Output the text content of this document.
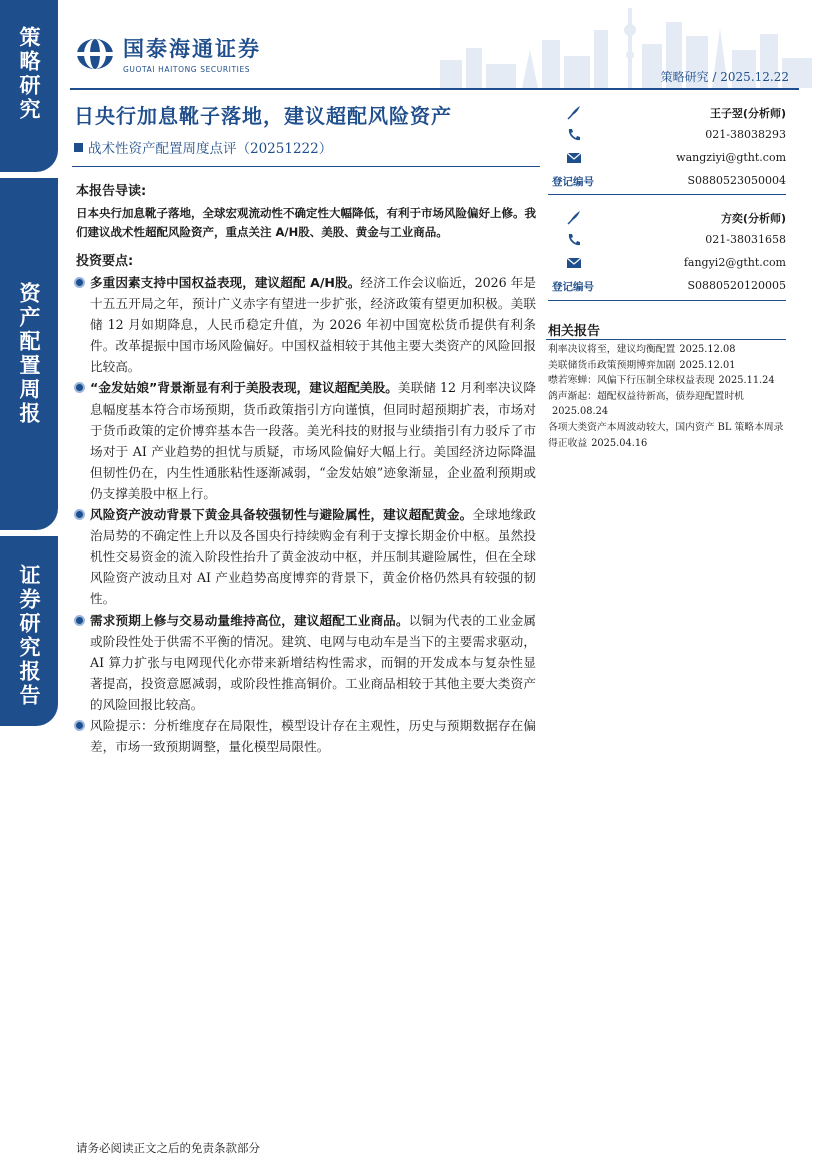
策略研究
资产配置周报
证券研究报告
国泰海通证券
GUOTAI HAITONG SECURITIES
策略研究 / 2025.12.22
日央行加息靴子落地，建议超配风险资产
战术性资产配置周度点评（20251222）
本报告导读:
日本央行加息靴子落地，全球宏观流动性不确定性大幅降低，有利于市场风险偏好上修。我们建议战术性超配风险资产，重点关注 A/H股、美股、黄金与工业商品。
投资要点:
多重因素支持中国权益表现，建议超配 A/H股。经济工作会议临近，2026 年是十五五开局之年，预计广义赤字有望进一步扩张，经济政策有望更加积极。美联储 12 月如期降息，人民币稳定升值，为 2026 年初中国宽松货币提供有利条件。改革提振中国市场风险偏好。中国权益相较于其他主要大类资产的风险回报比较高。
“金发姑娘”背景渐显有利于美股表现，建议超配美股。美联储 12 月利率决议降息幅度基本符合市场预期，货币政策指引方向谨慎，但同时超预期扩表，市场对于货币政策的定价博弈基本告一段落。美光科技的财报与业绩指引有力驳斥了市场对于 AI 产业趋势的担忧与质疑，市场风险偏好大幅上行。美国经济边际降温但韧性仍在，内生性通胀粘性逐渐减弱，“金发姑娘”迹象渐显，企业盈利预期或仍支撑美股中枢上行。
风险资产波动背景下黄金具备较强韧性与避险属性，建议超配黄金。全球地缘政治局势的不确定性上升以及各国央行持续购金有利于支撑长期金价中枢。虽然投机性交易资金的流入阶段性抬升了黄金波动中枢，并压制其避险属性，但在全球风险资产波动且对 AI 产业趋势高度博弈的背景下，黄金价格仍然具有较强的韧性。
需求预期上修与交易动量维持高位，建议超配工业商品。以铜为代表的工业金属或阶段性处于供需不平衡的情况。建筑、电网与电动车是当下的主要需求驱动，AI 算力扩张与电网现代化亦带来新增结构性需求，而铜的开发成本与复杂性显著提高，投资意愿减弱，或阶段性推高铜价。工业商品相较于其他主要大类资产的风险回报比较高。
风险提示：分析维度存在局限性，模型设计存在主观性，历史与预期数据存在偏差，市场一致预期调整，量化模型局限性。
王子翌(分析师)
021-38038293
wangziyi@gtht.com
登记编号	S0880523050004
方奕(分析师)
021-38031658
fangyi2@gtht.com
登记编号	S0880520120005
相关报告
利率决议将至，建议均衡配置 2025.12.08
美联储货币政策预期博弈加剧 2025.12.01
噤若寒蝉：风偏下行压制全球权益表现 2025.11.24
鸽声渐起：超配权益待新高，债券迎配置时机2025.08.24
各项大类资产本周波动较大，国内资产 BL 策略本周录得正收益 2025.04.16
请务必阅读正文之后的免责条款部分
